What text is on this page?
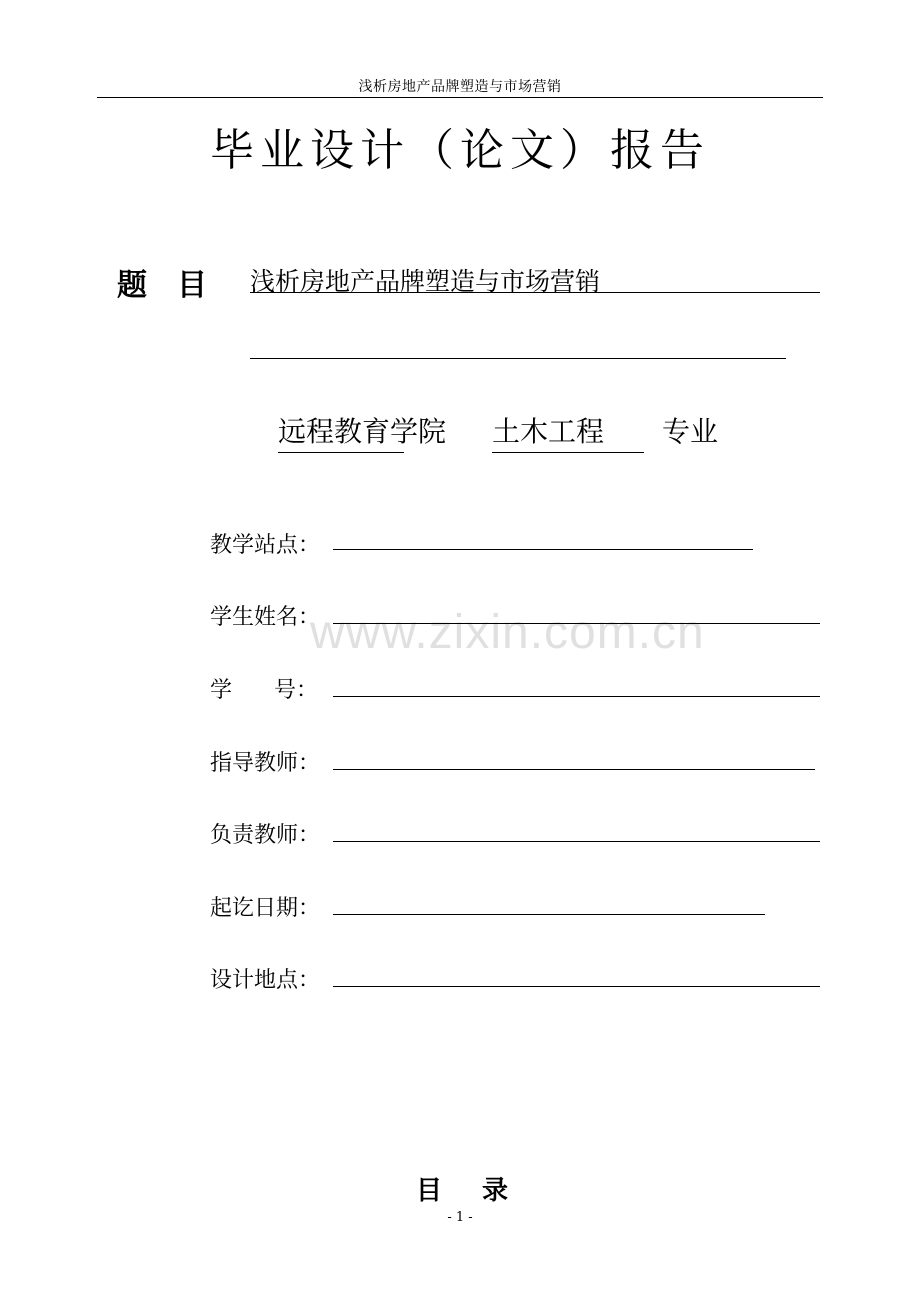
浅析房地产品牌塑造与市场营销
毕业设计（论文）报告
题目 浅析房地产品牌塑造与市场营销
远程教育学院 土木工程 专业
教学站点：
学生姓名：
学      号：
指导教师：
负责教师：
起讫日期：
设计地点：
www.zixin.com.cn
目录
- 1 -
